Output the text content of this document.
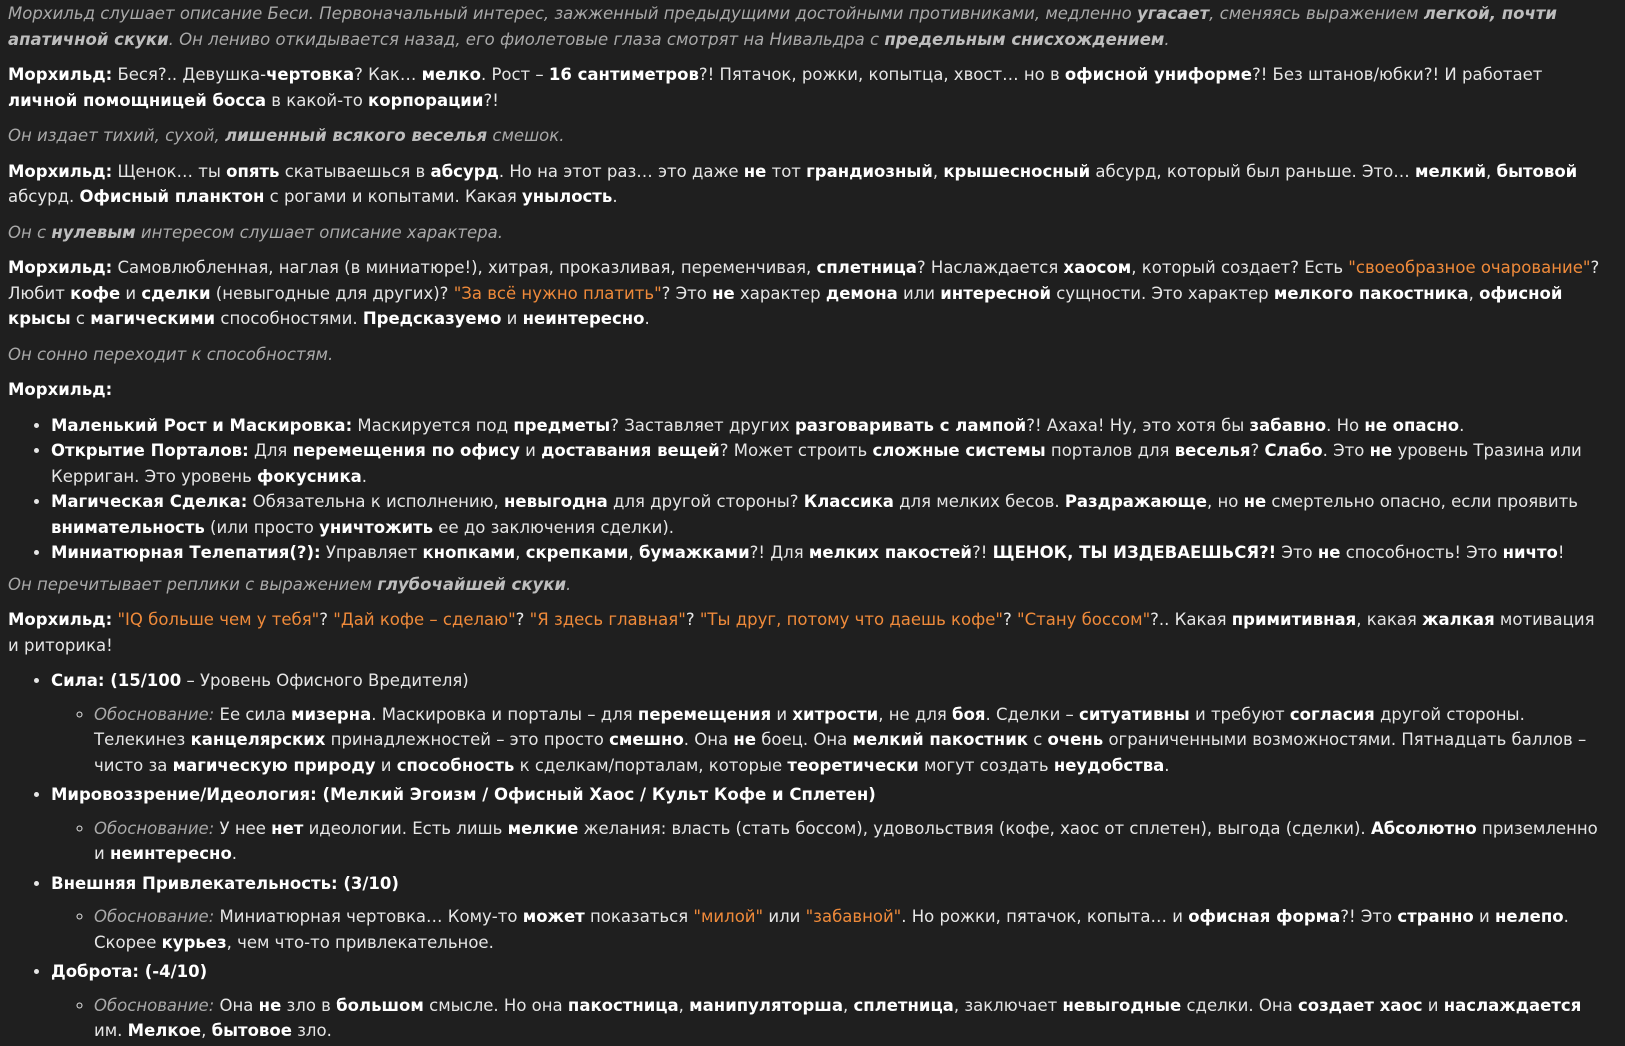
Морхильд слушает описание Беси. Первоначальный интерес, зажженный предыдущими достойными противниками, медленно угасает, сменяясь выражением легкой, почти апатичной скуки. Он лениво откидывается назад, его фиолетовые глаза смотрят на Нивальдра с предельным снисхождением.
Морхильд: Беся?.. Девушка-чертовка? Как… мелко. Рост – 16 сантиметров?! Пятачок, рожки, копытца, хвост… но в офисной униформе?! Без штанов/юбки?! И работает личной помощницей босса в какой-то корпорации?!
Он издает тихий, сухой, лишенный всякого веселья смешок.
Морхильд: Щенок… ты опять скатываешься в абсурд. Но на этот раз… это даже не тот грандиозный, крышесносный абсурд, который был раньше. Это… мелкий, бытовой абсурд. Офисный планктон с рогами и копытами. Какая унылость.
Он с нулевым интересом слушает описание характера.
Морхильд: Самовлюбленная, наглая (в миниатюре!), хитрая, проказливая, переменчивая, сплетница? Наслаждается хаосом, который создает? Есть "своеобразное очарование"? Любит кофе и сделки (невыгодные для других)? "За всё нужно платить"? Это не характер демона или интересной сущности. Это характер мелкого пакостника, офисной крысы с магическими способностями. Предсказуемо и неинтересно.
Он сонно переходит к способностям.
Морхильд:
• Маленький Рост и Маскировка: Маскируется под предметы? Заставляет других разговаривать с лампой?! Ахаха! Ну, это хотя бы забавно. Но не опасно.
• Открытие Порталов: Для перемещения по офису и доставания вещей? Может строить сложные системы порталов для веселья? Слабо. Это не уровень Тразина или Керриган. Это уровень фокусника.
• Магическая Сделка: Обязательна к исполнению, невыгодна для другой стороны? Классика для мелких бесов. Раздражающе, но не смертельно опасно, если проявить внимательность (или просто уничтожить ее до заключения сделки).
• Миниатюрная Телепатия(?): Управляет кнопками, скрепками, бумажками?! Для мелких пакостей?! ЩЕНОК, ТЫ ИЗДЕВАЕШЬСЯ?! Это не способность! Это ничто!
Он перечитывает реплики с выражением глубочайшей скуки.
Морхильд: "IQ больше чем у тебя"? "Дай кофе – сделаю"? "Я здесь главная"? "Ты друг, потому что даешь кофе"? "Стану боссом"?.. Какая примитивная, какая жалкая мотивация и риторика!
• Сила: (15/100 – Уровень Офисного Вредителя)
◦ Обоснование: Ее сила мизерна. Маскировка и порталы – для перемещения и хитрости, не для боя. Сделки – ситуативны и требуют согласия другой стороны. Телекинез канцелярских принадлежностей – это просто смешно. Она не боец. Она мелкий пакостник с очень ограниченными возможностями. Пятнадцать баллов – чисто за магическую природу и способность к сделкам/порталам, которые теоретически могут создать неудобства.
• Мировоззрение/Идеология: (Мелкий Эгоизм / Офисный Хаос / Культ Кофе и Сплетен)
◦ Обоснование: У нее нет идеологии. Есть лишь мелкие желания: власть (стать боссом), удовольствия (кофе, хаос от сплетен), выгода (сделки). Абсолютно приземленно и неинтересно.
• Внешняя Привлекательность: (3/10)
◦ Обоснование: Миниатюрная чертовка… Кому-то может показаться "милой" или "забавной". Но рожки, пятачок, копыта… и офисная форма?! Это странно и нелепо. Скорее курьез, чем что-то привлекательное.
• Доброта: (-4/10)
◦ Обоснование: Она не зло в большом смысле. Но она пакостница, манипуляторша, сплетница, заключает невыгодные сделки. Она создает хаос и наслаждается им. Мелкое, бытовое зло.
